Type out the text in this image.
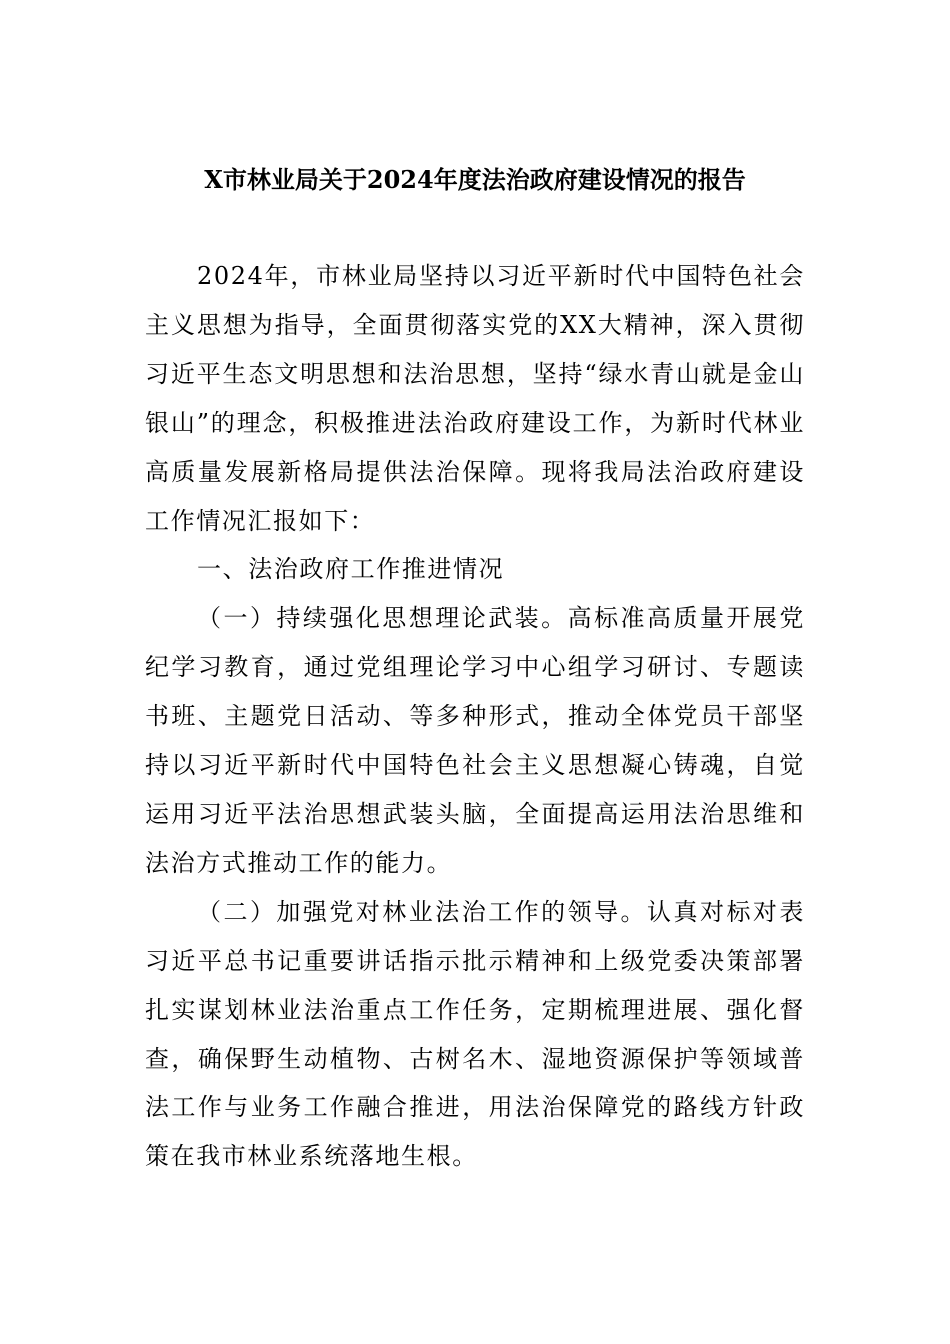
X市林业局关于2024年度法治政府建设情况的报告

2024年，市林业局坚持以习近平新时代中国特色社会主义思想为指导，全面贯彻落实党的XX大精神，深入贯彻习近平生态文明思想和法治思想，坚持“绿水青山就是金山银山”的理念，积极推进法治政府建设工作，为新时代林业高质量发展新格局提供法治保障。现将我局法治政府建设工作情况汇报如下：

一、法治政府工作推进情况

（一）持续强化思想理论武装。高标准高质量开展党纪学习教育，通过党组理论学习中心组学习研讨、专题读书班、主题党日活动、等多种形式，推动全体党员干部坚持以习近平新时代中国特色社会主义思想凝心铸魂，自觉运用习近平法治思想武装头脑，全面提高运用法治思维和法治方式推动工作的能力。

（二）加强党对林业法治工作的领导。认真对标对表习近平总书记重要讲话指示批示精神和上级党委决策部署扎实谋划林业法治重点工作任务，定期梳理进展、强化督查，确保野生动植物、古树名木、湿地资源保护等领域普法工作与业务工作融合推进，用法治保障党的路线方针政策在我市林业系统落地生根。
